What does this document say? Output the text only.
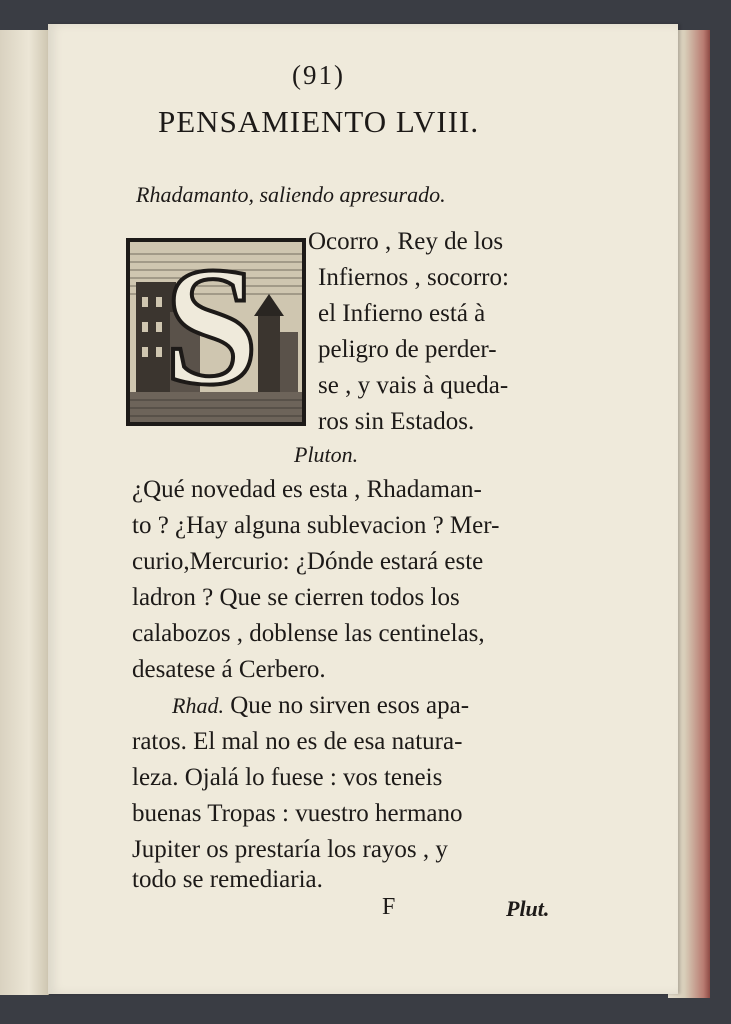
(91)
PENSAMIENTO LVIII.
Rhadamanto, saliendo apresurado.
S Ocorro , Rey de los
Infiernos , socorro:
el Infierno está à
peligro de perder-
se , y vais à queda-
ros sin Estados.
Pluton.
¿Qué novedad es esta , Rhadaman-
to ? ¿Hay alguna sublevacion ? Mer-
curio,Mercurio: ¿Dónde estará este
ladron ? Que se cierren todos los
calabozos , doblense las centinelas,
desatese á Cerbero.
Rhad. Que no sirven esos apa-
ratos. El mal no es de esa natura-
leza. Ojalá lo fuese : vos teneis
buenas Tropas : vuestro hermano
Jupiter os prestaría los rayos , y
todo se remediaria.
F	Plut.
